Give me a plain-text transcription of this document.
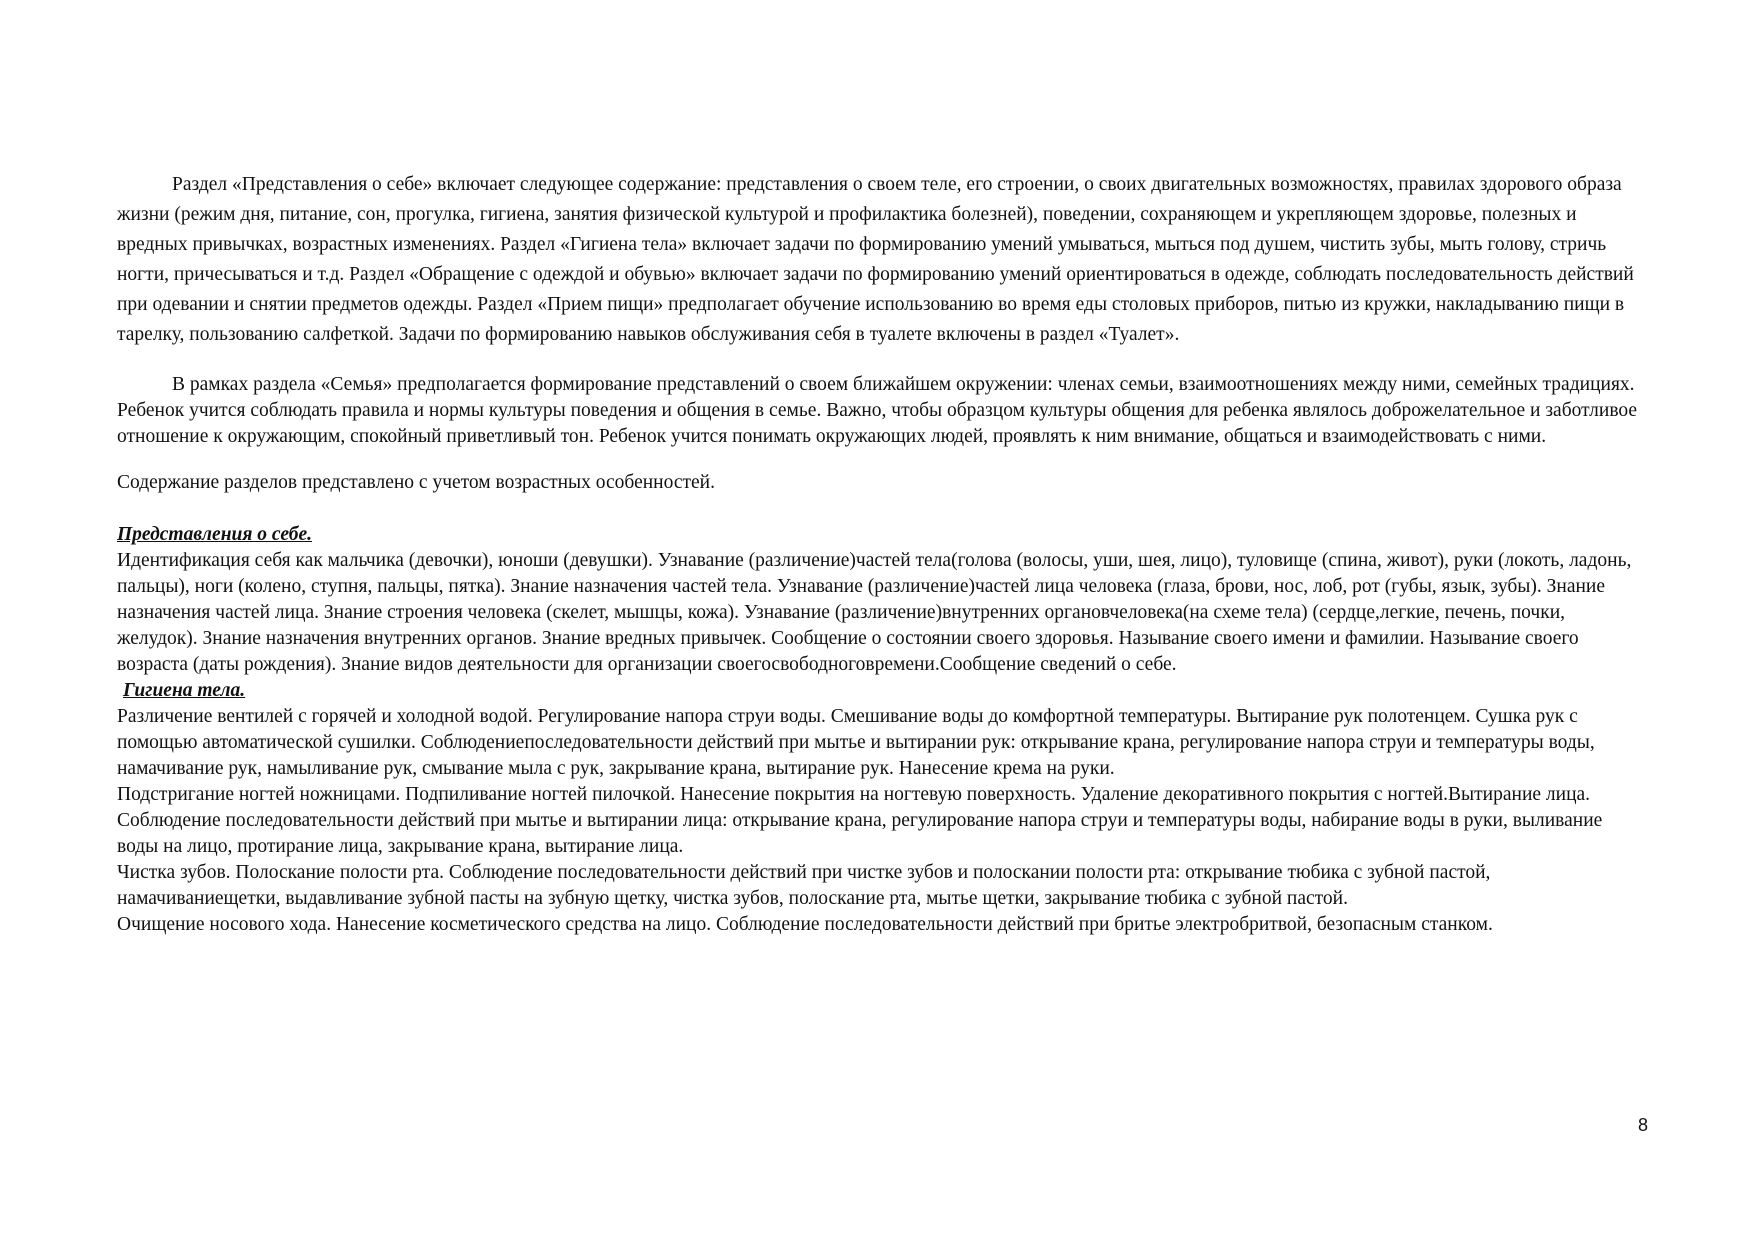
Раздел «Представления о себе» включает следующее содержание: представления о своем теле, его строении, о своих двигательных возможностях, правилах здорового образа жизни (режим дня, питание, сон, прогулка, гигиена, занятия физической культурой и профилактика болезней), поведении, сохраняющем и укрепляющем здоровье, полезных и вредных привычках, возрастных изменениях. Раздел «Гигиена тела» включает задачи по формированию умений умываться, мыться под душем, чистить зубы, мыть голову, стричь ногти, причесываться и т.д. Раздел «Обращение с одеждой и обувью» включает задачи по формированию умений ориентироваться в одежде, соблюдать последовательность действий при одевании и снятии предметов одежды. Раздел «Прием пищи» предполагает обучение использованию во время еды столовых приборов, питью из кружки, накладыванию пищи в тарелку, пользованию салфеткой. Задачи по формированию навыков обслуживания себя в туалете включены в раздел «Туалет».

В рамках раздела «Семья» предполагается формирование представлений о своем ближайшем окружении: членах семьи, взаимоотношениях между ними, семейных традициях. Ребенок учится соблюдать правила и нормы культуры поведения и общения в семье. Важно, чтобы образцом культуры общения для ребенка являлось доброжелательное и заботливое отношение к окружающим, спокойный приветливый тон. Ребенок учится понимать окружающих людей, проявлять к ним внимание, общаться и взаимодействовать с ними.

Содержание разделов представлено с учетом возрастных особенностей.

Представления о себе.

Идентификация себя как мальчика (девочки), юноши (девушки). Узнавание (различение)частей тела(голова (волосы, уши, шея, лицо), туловище (спина, живот), руки (локоть, ладонь, пальцы), ноги (колено, ступня, пальцы, пятка). Знание назначения частей тела. Узнавание (различение)частей лица человека (глаза, брови, нос, лоб, рот (губы, язык, зубы). Знание назначения частей лица. Знание строения человека (скелет, мышцы, кожа). Узнавание (различение)внутренних органовчеловека(на схеме тела) (сердце,легкие, печень, почки, желудок). Знание назначения внутренних органов. Знание вредных привычек. Сообщение о состоянии своего здоровья. Называние своего имени и фамилии. Называние своего возраста (даты рождения). Знание видов деятельности для организации своегосвободноговремени.Сообщение сведений о себе.

Гигиена тела.

Различение вентилей с горячей и холодной водой. Регулирование напора струи воды. Смешивание воды до комфортной температуры. Вытирание рук полотенцем. Сушка рук с помощью автоматической сушилки. Соблюдениепоследовательности действий при мытье и вытирании рук: открывание крана, регулирование напора струи и температуры воды, намачивание рук, намыливание рук, смывание мыла с рук, закрывание крана, вытирание рук. Нанесение крема на руки.

Подстригание ногтей ножницами. Подпиливание ногтей пилочкой. Нанесение покрытия на ногтевую поверхность. Удаление декоративного покрытия с ногтей.Вытирание лица. Соблюдение последовательности действий при мытье и вытирании лица: открывание крана, регулирование напора струи и температуры воды, набирание воды в руки, выливание воды на лицо, протирание лица, закрывание крана, вытирание лица.

Чистка зубов. Полоскание полости рта. Соблюдение последовательности действий при чистке зубов и полоскании полости рта: открывание тюбика с зубной пастой, намачиваниещетки, выдавливание зубной пасты на зубную щетку, чистка зубов, полоскание рта, мытье щетки, закрывание тюбика с зубной пастой.

Очищение носового хода. Нанесение косметического средства на лицо. Соблюдение последовательности действий при бритье электробритвой, безопасным станком.

8
